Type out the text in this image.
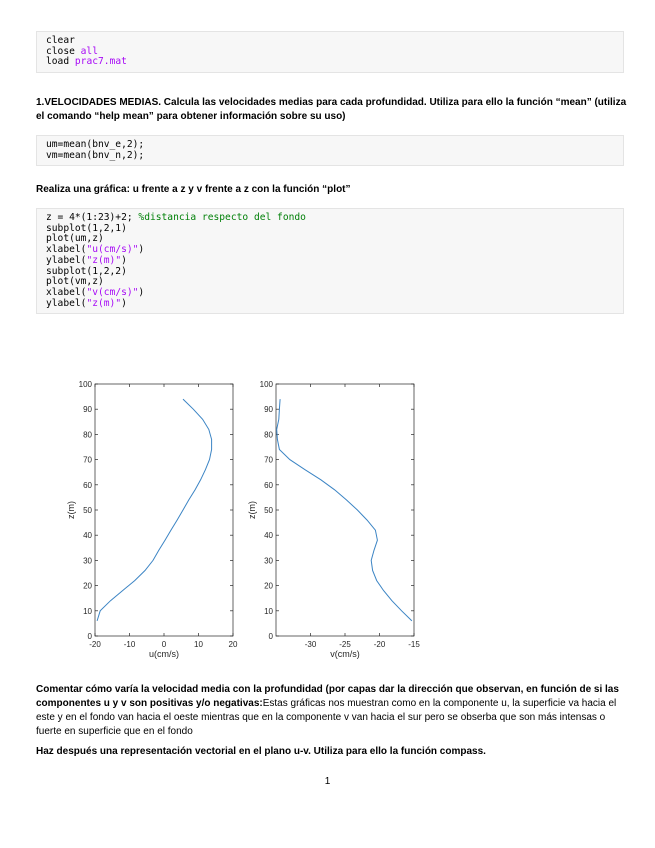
clear
close all
load prac7.mat
1.VELOCIDADES MEDIAS. Calcula las velocidades medias para cada profundidad. Utiliza para ello la función “mean” (utiliza el comando “help mean” para obtener información sobre su uso)
um=mean(bnv_e,2);
vm=mean(bnv_n,2);
Realiza una gráfica: u frente a z y v frente a z con la función “plot”
z = 4*(1:23)+2; %distancia respecto del fondo
subplot(1,2,1)
plot(um,z)
xlabel("u(cm/s)")
ylabel("z(m)")
subplot(1,2,2)
plot(vm,z)
xlabel("v(cm/s)")
ylabel("z(m)")
0
10
20
30
40
50
60
70
80
90
100
-20	-10	0	10	20
u(cm/s)
z(m)
0
10
20
30
40
50
60
70
80
90
100
-30	-25	-20	-15
v(cm/s)
z(m)
Comentar cómo varía la velocidad media con la profundidad (por capas dar la dirección que observan, en función de si las componentes u y v son positivas y/o negativas:Estas gráficas nos muestran como en la componente u, la superficie va hacia el este y en el fondo van hacia el oeste mientras que en la componente v van hacia el sur pero se obserba que son más intensas o fuerte en superficie que en el fondo
Haz después una representación vectorial en el plano u-v. Utiliza para ello la función compass.
1
